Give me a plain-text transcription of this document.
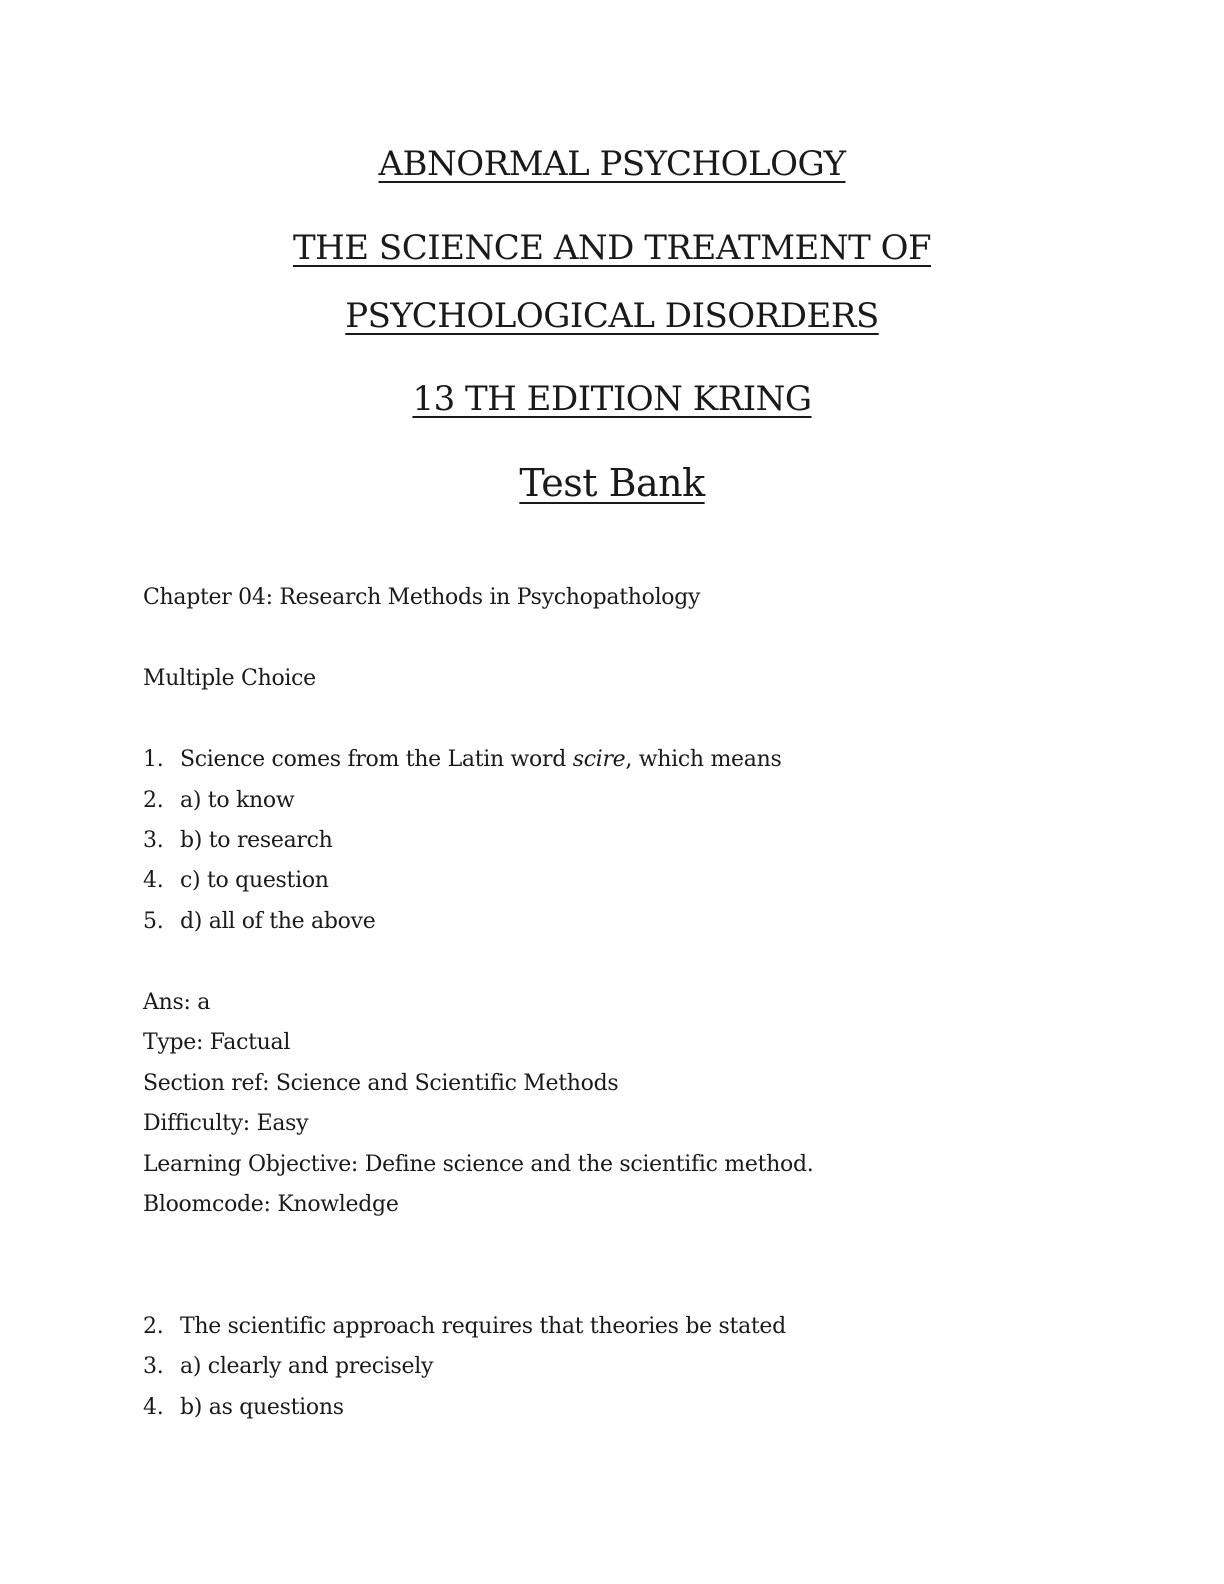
ABNORMAL PSYCHOLOGY
THE SCIENCE AND TREATMENT OF
PSYCHOLOGICAL DISORDERS
13 TH EDITION KRING
Test Bank
Chapter 04: Research Methods in Psychopathology
Multiple Choice
1. Science comes from the Latin word scire, which means
2. a) to know
3. b) to research
4. c) to question
5. d) all of the above
Ans: a
Type: Factual
Section ref: Science and Scientific Methods
Difficulty: Easy
Learning Objective: Define science and the scientific method.
Bloomcode: Knowledge
2. The scientific approach requires that theories be stated
3. a) clearly and precisely
4. b) as questions
